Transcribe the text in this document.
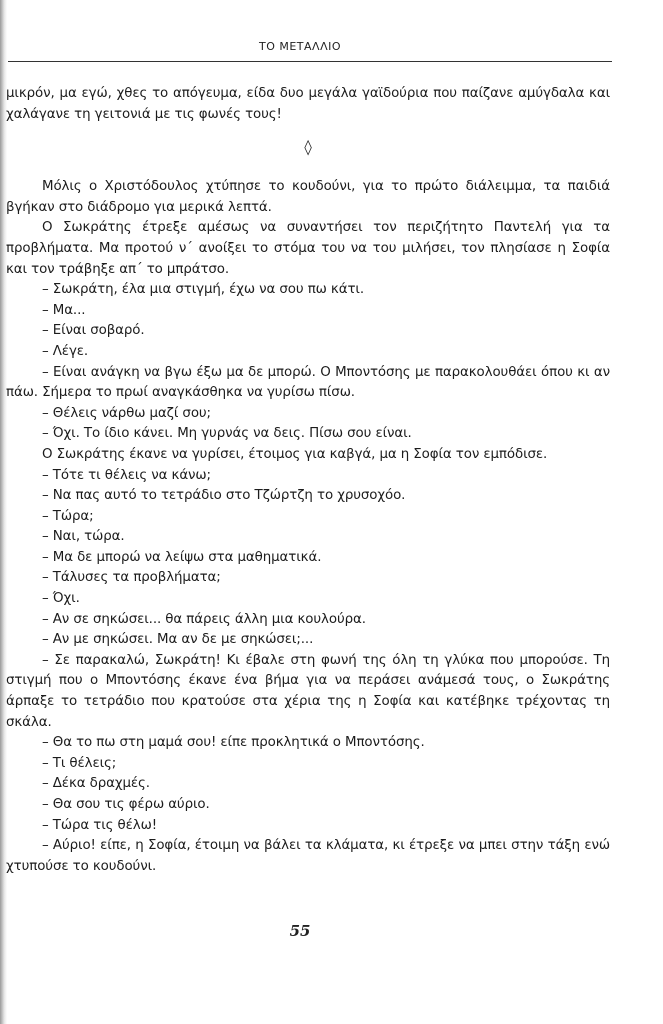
ΤΟ ΜΕΤΑΛΛΙΟ

μικρόν, μα εγώ, χθες το απόγευμα, είδα δυο μεγάλα γαϊδούρια που παίζανε αμύγδαλα και χαλάγανε τη γειτονιά με τις φωνές τους!

◊

Μόλις ο Χριστόδουλος χτύπησε το κουδούνι, για το πρώτο διάλειμμα, τα παιδιά βγήκαν στο διάδρομο για μερικά λεπτά.

Ο Σωκράτης έτρεξε αμέσως να συναντήσει τον περιζήτητο Παντελή για τα προβλήματα. Μα προτού ν΄ ανοίξει το στόμα του να του μιλήσει, τον πλησίασε η Σοφία και τον τράβηξε απ΄ το μπράτσο.

– Σωκράτη, έλα μια στιγμή, έχω να σου πω κάτι.

– Μα...

– Είναι σοβαρό.

– Λέγε.

– Είναι ανάγκη να βγω έξω μα δε μπορώ. Ο Μποντόσης με παρακολουθάει όπου κι αν πάω. Σήμερα το πρωί αναγκάσθηκα να γυρίσω πίσω.

– Θέλεις νάρθω μαζί σου;

– Όχι. Το ίδιο κάνει. Μη γυρνάς να δεις. Πίσω σου είναι.

Ο Σωκράτης έκανε να γυρίσει, έτοιμος για καβγά, μα η Σοφία τον εμπόδισε.

– Τότε τι θέλεις να κάνω;

– Να πας αυτό το τετράδιο στο Τζώρτζη το χρυσοχόο.

– Τώρα;

– Ναι, τώρα.

– Μα δε μπορώ να λείψω στα μαθηματικά.

– Τάλυσες τα προβλήματα;

– Όχι.

– Αν σε σηκώσει... θα πάρεις άλλη μια κουλούρα.

– Αν με σηκώσει. Μα αν δε με σηκώσει;...

– Σε παρακαλώ, Σωκράτη! Κι έβαλε στη φωνή της όλη τη γλύκα που μπορούσε. Τη στιγμή που ο Μποντόσης έκανε ένα βήμα για να περάσει ανάμεσά τους, ο Σωκράτης άρπαξε το τετράδιο που κρατούσε στα χέρια της η Σοφία και κατέβηκε τρέχοντας τη σκάλα.

– Θα το πω στη μαμά σου! είπε προκλητικά ο Μποντόσης.

– Τι θέλεις;

– Δέκα δραχμές.

– Θα σου τις φέρω αύριο.

– Τώρα τις θέλω!

– Αύριο! είπε, η Σοφία, έτοιμη να βάλει τα κλάματα, κι έτρεξε να μπει στην τάξη ενώ χτυπούσε το κουδούνι.

55
